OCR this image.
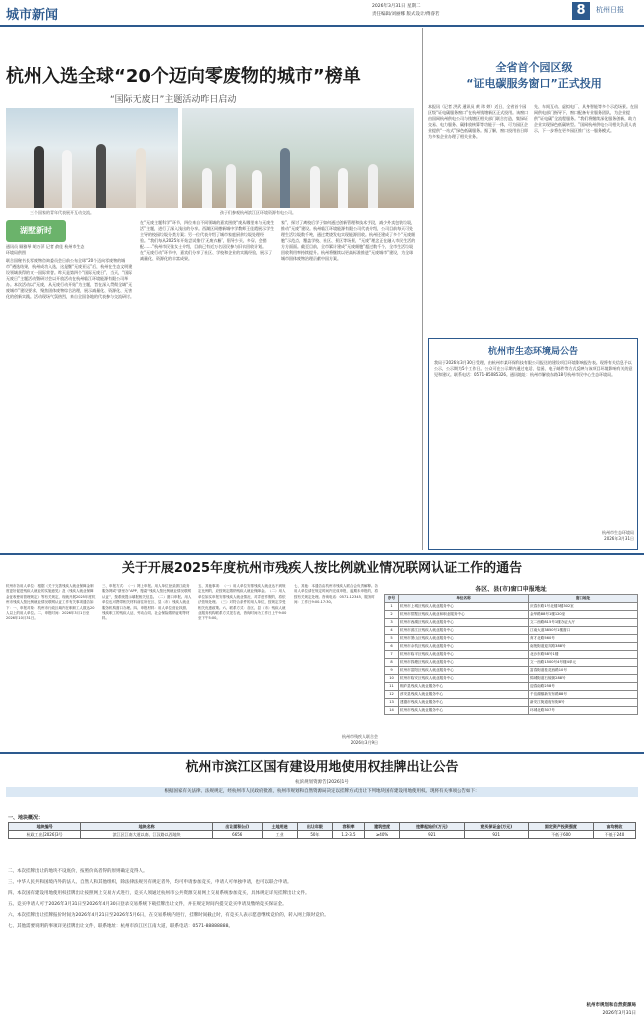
城市新闻
2026年3月31日 星期二
责任编辑/刘丽娜 版式设计/傅睿若	8	杭州日报
杭州入选全球“20个迈向零废物的城市”榜单
“国际无废日”主题活动昨日启动
三个国家的青年代表展开互动交流。	孩子们参观杭州滨江区环境资源有电公司。
湖墅新时
通讯员 顾雅琴 胡万萍 记者 俞佳 杭州市生态环境局供图
联合国秘书长零废物咨询委员会日前公布全球“20个迈向零废物的城市”遴选结果，杭州成功入选，这是继“无废亚运”后，杭州在生态文明建设领域获得的又一国际荣誉。昨天是第四个“国际无废日”，当天，“国际无废日”主题活动暨研讨会以开放活动在杭州临江环境能源有限公司举办。本次活动以“无废，从无废行动开始”为主题，旨在深入贯彻全域“无废城市”建设要求，聚焦固体废物综合治理，展示减量化、资源化、无害化的创新实践。活动现场气氛热烈，来自全国各地的代表参与交流研讨。
在“无废主题科学”环节，四位来自不同领域的嘉宾围绕“废从哪里来与无废生活”主题，进行了深入浅出的分享。西湖区同德新城中学教师王佳霞展示学生主导的校园垃圾分类方案；另一位代表介绍了城市家庭厨余垃圾处理经验。“我们每从2025年开始尝试推行‘无废衣橱’，倡导少买、多穿、会搭配……”杭州市民张女士介绍，目前已有近万名居民参与旧衣回收计划。在“无废行动”环节中，嘉宾们分享了社区、学校和企业的实践经验，展示了减量化、资源化的丰富成果。
家”，探讨了离校后学子如何通过创新管理和技术手段，减少外卖包装垃圾，推动“无废”建设。杭州临江环境能源有限公司代表介绍，公司目前每天可处理生活垃圾数千吨，通过焚烧发电实现能源回收。杭州还建成了多个“无废细胞”示范点，覆盖学校、社区、景区等场景，“无废”理念正在融入市民生活的方方面面。截至目前，全市累计建成“无废细胞”超过数千个，全市生活垃圾回收利用率持续提升。杭州将继续以更高标准推进“无废城市”建设，为全球城市固体废物治理贡献中国方案。
全省首个园区级
“证电碳服务窗口”正式投用
本报讯（记者 洪武 通讯员 黄 玮 婷）近日，全省首个园区级“证电碳服务窗口”在杭州钱塘新区正式投用。该窗口由国网杭州供电公司与钱塘区相关部门联合打造，集绿证交易、电力服务、碳排放核算等功能于一体，可为园区企业提供“一站式”绿色低碳服务。据了解，窗口投用首日即为多家企业办理了相关业务。
先、车间互动、虚拟电厂、具身智能等多个示范场景。在国网供电部门指导下，窗口配备专业服务团队，为企业提供“证电碳”全流程服务。“我们将继续深化服务创新，助力企业实现绿色低碳转型。”国网杭州供电公司相关负责人表示，下一步将在更多园区推广这一服务模式。
杭州市生态环境局公告
我局于2026年3月30日受理，由杭州市某环保科技有限公司报送的建设项目环境影响报告表。现将有关信息予以公示，公示期为5个工作日。公众可在公示期内通过电话、信函、电子邮件等方式反映与该项目环境影响有关的意见和建议。联系电话：0571-85085326。通讯地址：杭州市解放东路18号杭州市民中心生态环境局。
杭州市生态环境局
2026年3月31日
关于开展2025年度杭州市残疾人按比例就业情况联网认证工作的通告
杭州市各用人单位：根据《关于完善残疾人就业保障金制度更好促进残疾人就业的实施意见》及《残疾人就业保障金征收使用管理规定》等有关规定，现就开展2025年度杭州市残疾人按比例就业情况联网认证工作有关事项通告如下：一、申报对象：杭州市行政区域内在职职工人数达20人以上的用人单位。二、申报时间：2026年3月1日至2026年10月31日。
三、申报方式：（一）网上申报。用人单位登录浙江政务服务网或“浙里办”APP，搜索“残疾人按比例就业情况联网认证”，按系统提示填报相关信息。（二）窗口申报。用人单位也可携带相关材料前往所在区、县（市）残疾人就业服务机构窗口办理。四、申报材料：用人单位营业执照、残疾职工的残疾人证、劳动合同、社会保险缴纳证明等材料。
五、其他事项：（一）用人单位安排残疾人就业达不到规定比例的，应按规定缴纳残疾人就业保障金。（二）用人单位如实申报安排残疾人就业情况，对弄虚作假的，将依法依规处理。（三）对符合条件的用人单位，按规定享受相关优惠政策。六、联系方式：各区、县（市）残疾人就业服务机构联系方式见右表，咨询时间为工作日上午9:00至下午5:00。
七、其他：本通告由杭州市残疾人联合会负责解释。各用人单位请在规定时间内完成申报，逾期未申报的，将按有关规定处理。咨询电话：0571-12345，服务时间：工作日9:00-17:30。
杭州市残疾人联合会
2026年3月9日
各区、县(市)窗口申报地址
序号	单位名称	窗口地址
1	杭州市上城区残疾人就业服务中心	庆春东路1号北楼3楼302室
2	杭州市拱墅区残疾人就业和职业服务中心	金华路88号1楼120室
3	杭州市西湖区残疾人就业服务中心	文二西路815号1楼办证大厅
4	杭州市滨江区残疾人就业服务中心	江南大道3850号1楼窗口
5	杭州市萧山区残疾人就业服务中心	育才北路560号
6	杭州市余杭区残疾人就业服务中心	南苑街道迎宾路388号
7	杭州市临平区残疾人就业服务中心	北沙东路58号1楼
8	杭州市钱塘区残疾人就业服务中心	文一西路1500号4号楼4单元
9	杭州市富阳区残疾人就业服务中心	富春街道桂花西路10号
10	杭州市临安区残疾人就业服务中心	锦城街道石镜街288号
11	桐庐县残疾人就业服务中心	迎春南路258号
12	淳安县残疾人就业服务中心	千岛湖镇新安东路88号
13	建德市残疾人就业服务中心	新安江街道府东街8号
14	杭州市残疾人就业服务中心	环城北路307号
杭州市滨江区国有建设用地使用权挂牌出让公告
杭滨规划资源告[2026]1号
根据国家有关法律、法规规定，经杭州市人民政府批准，杭州市规划和自然资源局决定以挂牌方式出让下列地块国有建设用地使用权。现将有关事项公告如下：
一、地块概况：
地块编号	地块名称	出让面积(㎡)	土地用途	出让年限	容积率	建筑密度	挂牌起始价(万元)	竞买保证金(万元)	固定资产投资强度	亩均税收
杭政工出[2026]3号	滨江区江南大道以南、江汉路以西地块	6656	工业	50年	1.2-3.5	≥40%	921	921	不低于600	不低于240
二、本次挂牌出让的地块不设底价，按照价高者得的原则确定竞得人。
三、中华人民共和国境内外的法人、自然人和其他组织，除法律法规另有规定者外，均可申请参加竞买，申请人可单独申请，也可以联合申请。
四、本次国有建设用地使用权挂牌出让按照网上交易方式进行，竞买人须通过杭州市公共资源交易网上交易系统参加竞买，具体规定详见挂牌出让文件。
五、竞买申请人可于2026年3月31日至2026年4月30日登录交易系统下载挂牌出让文件，并在规定时间内提交竞买申请及缴纳竞买保证金。
六、本次挂牌出让挂牌报价时间为2026年4月21日至2026年5月6日，在交易系统内进行，挂牌时间截止时，有竞买人表示愿意继续竞价的，转入网上限时竞价。
七、其他需要说明的事项详见挂牌出让文件，联系地址：杭州市滨江区江南大道，联系电话：0571-88888888。
杭州市规划和自然资源局
2026年3月31日
